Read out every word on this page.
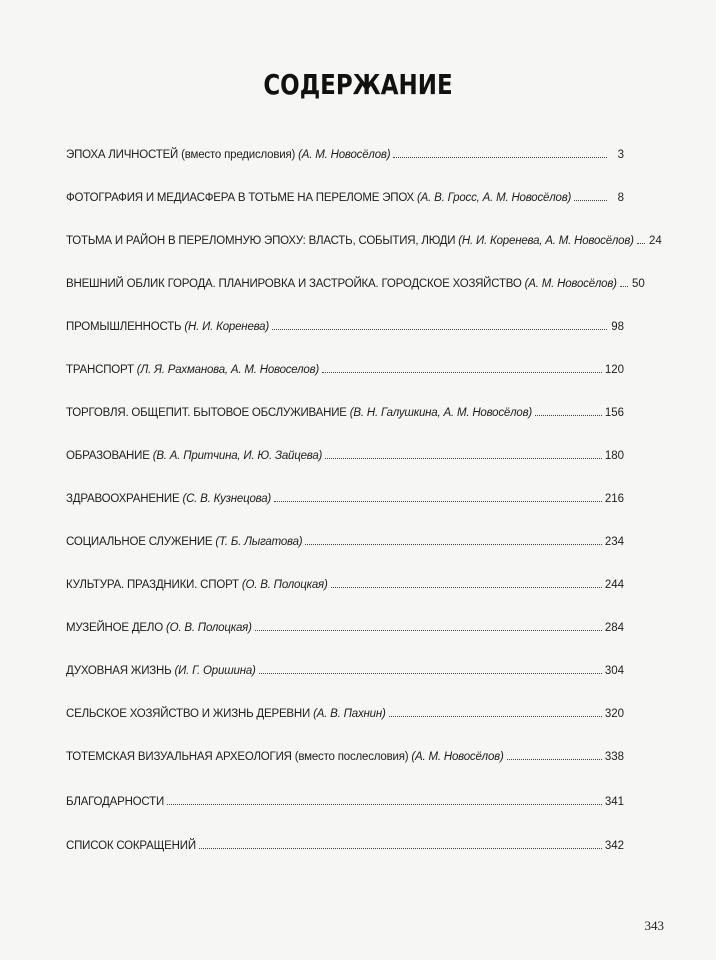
СОДЕРЖАНИЕ
ЭПОХА ЛИЧНОСТЕЙ (вместо предисловия) (А. М. Новосёлов)	3
ФОТОГРАФИЯ И МЕДИАСФЕРА В ТОТЬМЕ НА ПЕРЕЛОМЕ ЭПОХ (А. В. Гросс, А. М. Новосёлов)	8
ТОТЬМА И РАЙОН В ПЕРЕЛОМНУЮ ЭПОХУ: ВЛАСТЬ, СОБЫТИЯ, ЛЮДИ (Н. И. Коренева, А. М. Новосёлов) 24
ВНЕШНИЙ ОБЛИК ГОРОДА. ПЛАНИРОВКА И ЗАСТРОЙКА. ГОРОДСКОЕ ХОЗЯЙСТВО (А. М. Новосёлов) 50
ПРОМЫШЛЕННОСТЬ (Н. И. Коренева)	98
ТРАНСПОРТ (Л. Я. Рахманова, А. М. Новоселов)	120
ТОРГОВЛЯ. ОБЩЕПИТ. БЫТОВОЕ ОБСЛУЖИВАНИЕ (В. Н. Галушкина, А. М. Новосёлов)	156
ОБРАЗОВАНИЕ (В. А. Притчина, И. Ю. Зайцева)	180
ЗДРАВООХРАНЕНИЕ (С. В. Кузнецова)	216
СОЦИАЛЬНОЕ СЛУЖЕНИЕ (Т. Б. Лыгатова)	234
КУЛЬТУРА. ПРАЗДНИКИ. СПОРТ (О. В. Полоцкая)	244
МУЗЕЙНОЕ ДЕЛО (О. В. Полоцкая)	284
ДУХОВНАЯ ЖИЗНЬ (И. Г. Оришина)	304
СЕЛЬСКОЕ ХОЗЯЙСТВО И ЖИЗНЬ ДЕРЕВНИ (А. В. Пахнин)	320
ТОТЕМСКАЯ ВИЗУАЛЬНАЯ АРХЕОЛОГИЯ (вместо послесловия) (А. М. Новосёлов)	338
БЛАГОДАРНОСТИ	341
СПИСОК СОКРАЩЕНИЙ	342
343
